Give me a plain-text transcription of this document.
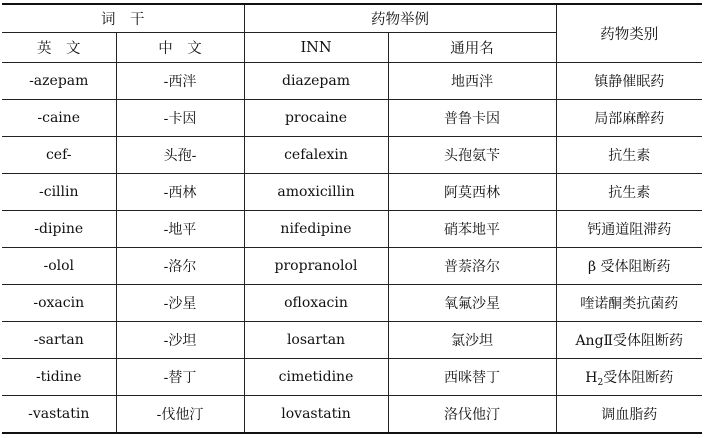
词　干		药物举例		药物类别
英　文	中　文	INN	通用名	
-azepam	-西泮	diazepam	地西泮	镇静催眠药
-caine	-卡因	procaine	普鲁卡因	局部麻醉药
cef-	头孢-	cefalexin	头孢氨苄	抗生素
-cillin	-西林	amoxicillin	阿莫西林	抗生素
-dipine	-地平	nifedipine	硝苯地平	钙通道阻滞药
-olol	-洛尔	propranolol	普萘洛尔	β 受体阻断药
-oxacin	-沙星	ofloxacin	氧氟沙星	喹诺酮类抗菌药
-sartan	-沙坦	losartan	氯沙坦	AngⅡ受体阻断药
-tidine	-替丁	cimetidine	西咪替丁	$H_2$受体阻断药
-vastatin	-伐他汀	lovastatin	洛伐他汀	调血脂药
